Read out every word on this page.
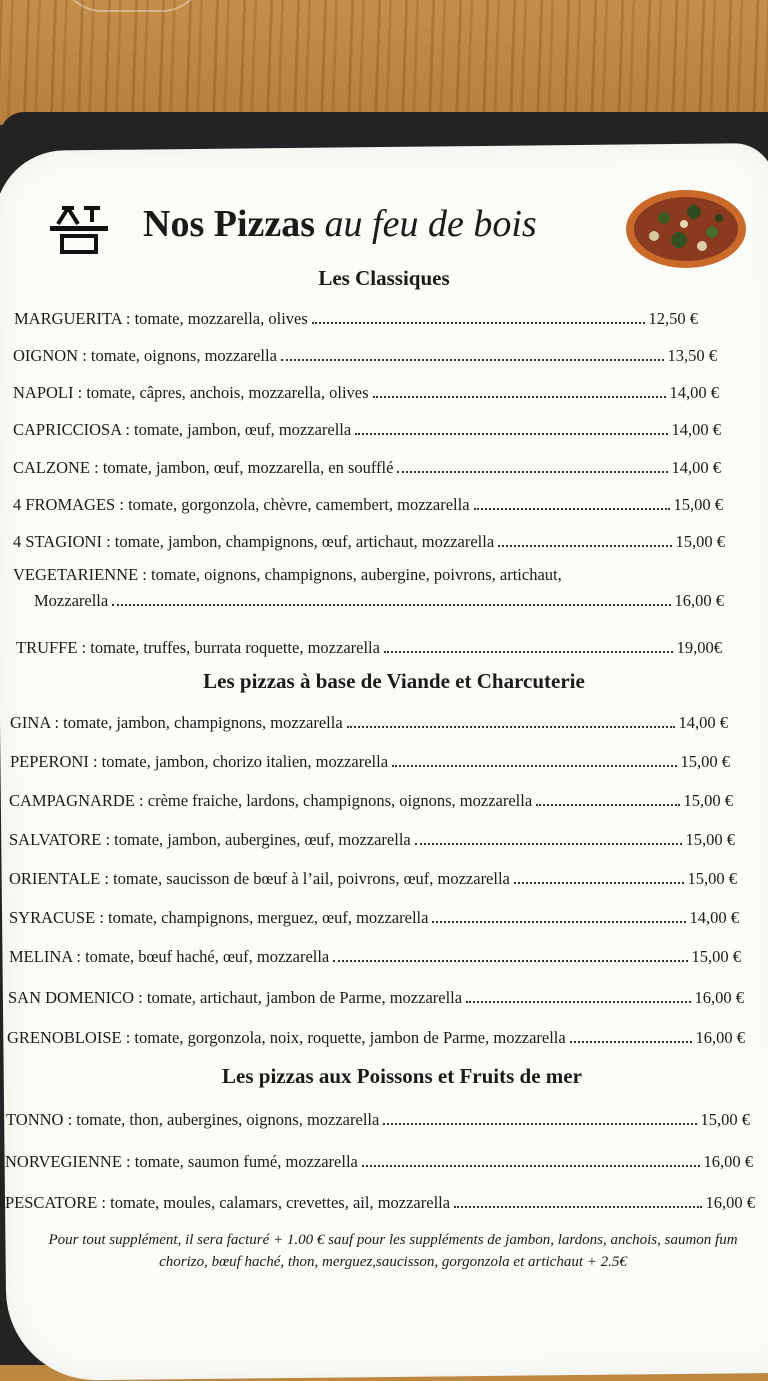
Nos Pizzas au feu de bois
Les Classiques
MARGUERITA : tomate, mozzarella, olives	12,50 €
OIGNON : tomate, oignons, mozzarella	13,50 €
NAPOLI : tomate, câpres, anchois, mozzarella, olives	14,00 €
CAPRICCIOSA : tomate, jambon, œuf, mozzarella	14,00 €
CALZONE : tomate, jambon, œuf, mozzarella, en soufflé	14,00 €
4 FROMAGES : tomate, gorgonzola, chèvre, camembert, mozzarella	15,00 €
4 STAGIONI : tomate, jambon, champignons, œuf, artichaut, mozzarella	15,00 €
VEGETARIENNE : tomate, oignons, champignons, aubergine, poivrons, artichaut,
Mozzarella	16,00 €
TRUFFE : tomate, truffes, burrata roquette, mozzarella	19,00€
Les pizzas à base de Viande et Charcuterie
GINA : tomate, jambon, champignons, mozzarella	14,00 €
PEPERONI : tomate, jambon, chorizo italien, mozzarella	15,00 €
CAMPAGNARDE : crème fraiche, lardons, champignons, oignons, mozzarella	15,00 €
SALVATORE : tomate, jambon, aubergines, œuf, mozzarella	15,00 €
ORIENTALE : tomate, saucisson de bœuf à l’ail, poivrons, œuf, mozzarella	15,00 €
SYRACUSE : tomate, champignons, merguez, œuf, mozzarella	14,00 €
MELINA : tomate, bœuf haché, œuf, mozzarella	15,00 €
SAN DOMENICO : tomate, artichaut, jambon de Parme, mozzarella	16,00 €
GRENOBLOISE : tomate, gorgonzola, noix, roquette, jambon de Parme, mozzarella	16,00 €
Les pizzas aux Poissons et Fruits de mer
TONNO : tomate, thon, aubergines, oignons, mozzarella	15,00 €
NORVEGIENNE : tomate, saumon fumé, mozzarella	16,00 €
PESCATORE : tomate, moules, calamars, crevettes, ail, mozzarella	16,00 €
Pour tout supplément, il sera facturé + 1.00 € sauf pour les suppléments de jambon, lardons, anchois, saumon fum
chorizo, bœuf haché, thon, merguez,saucisson, gorgonzola et artichaut + 2.5€
